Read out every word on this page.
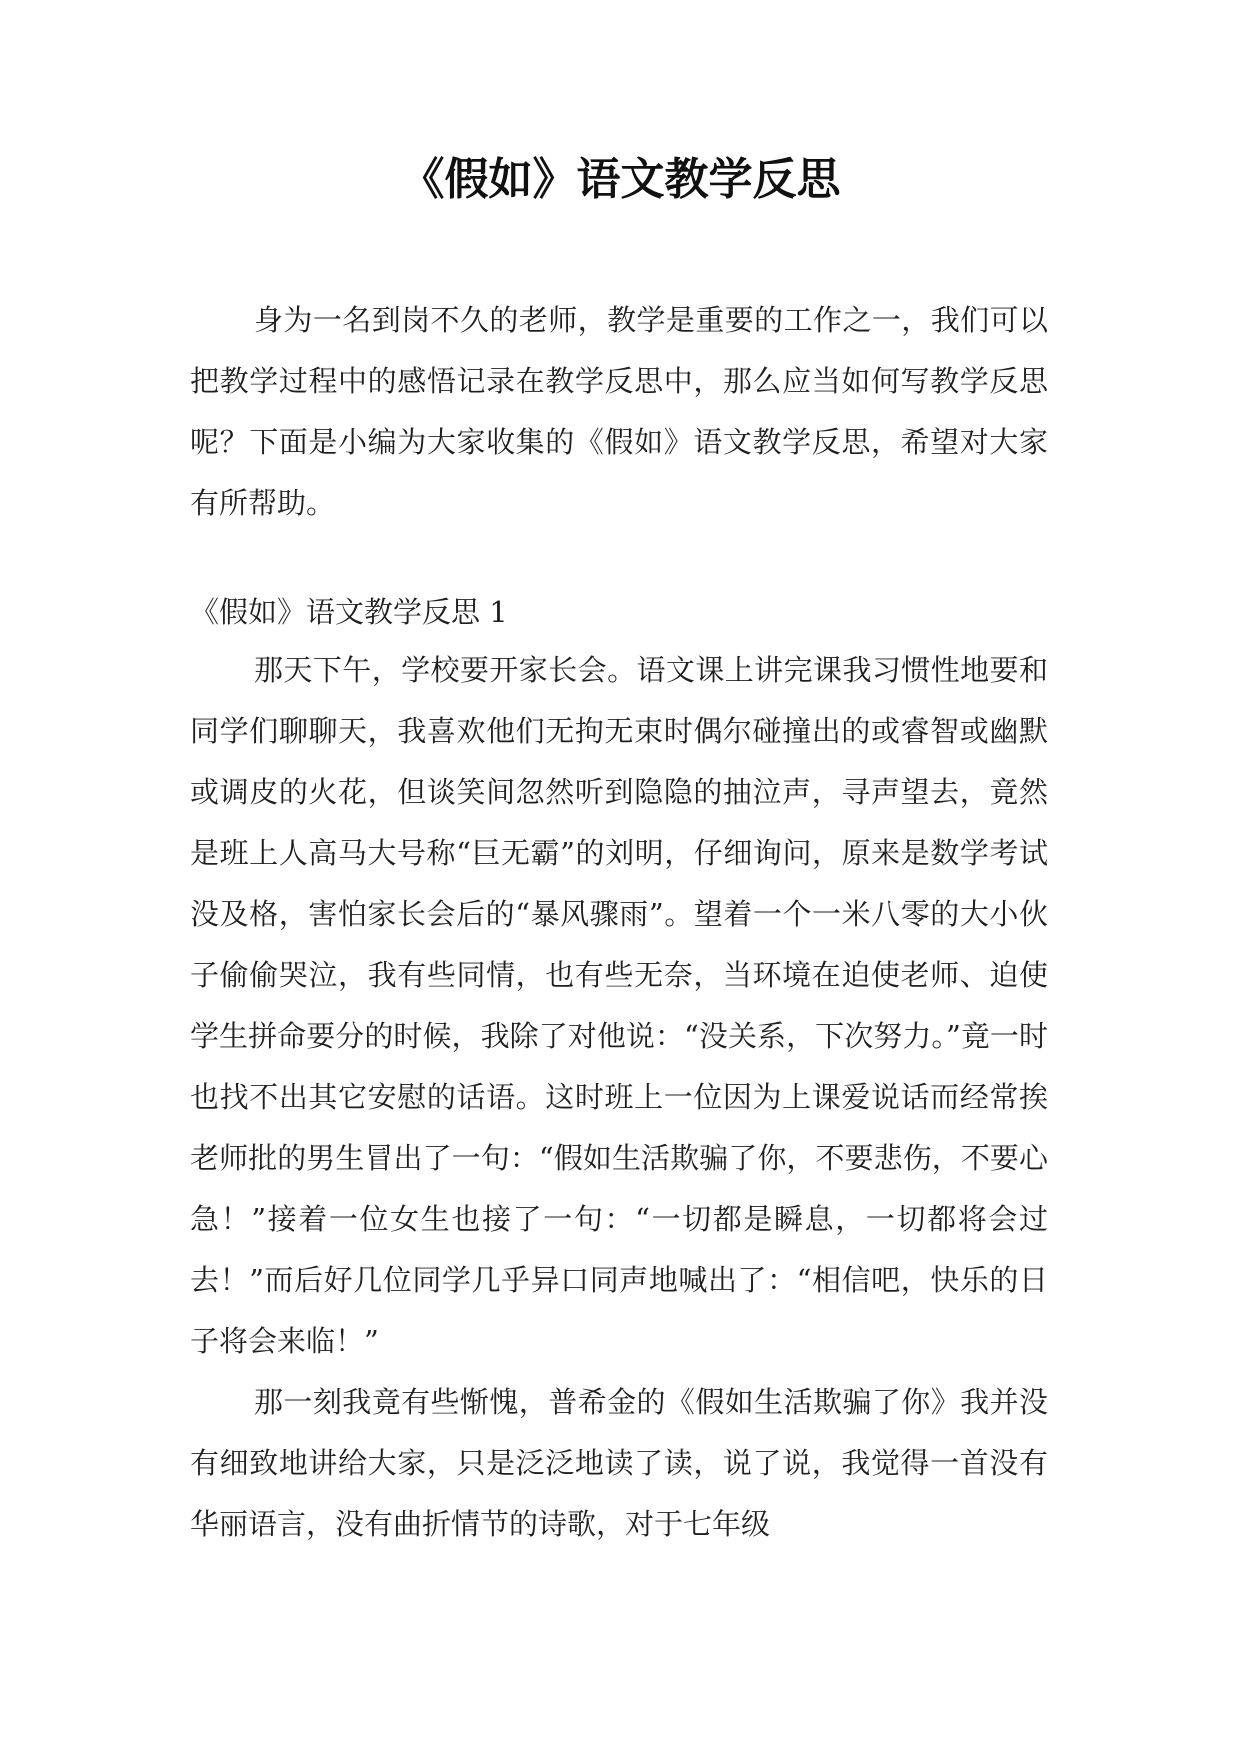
《假如》语文教学反思

身为一名到岗不久的老师，教学是重要的工作之一，我们可以把教学过程中的感悟记录在教学反思中，那么应当如何写教学反思呢？下面是小编为大家收集的《假如》语文教学反思，希望对大家有所帮助。

《假如》语文教学反思 1

那天下午，学校要开家长会。语文课上讲完课我习惯性地要和同学们聊聊天，我喜欢他们无拘无束时偶尔碰撞出的或睿智或幽默或调皮的火花，但谈笑间忽然听到隐隐的抽泣声，寻声望去，竟然是班上人高马大号称“巨无霸”的刘明，仔细询问，原来是数学考试没及格，害怕家长会后的“暴风骤雨”。望着一个一米八零的大小伙子偷偷哭泣，我有些同情，也有些无奈，当环境在迫使老师、迫使学生拼命要分的时候，我除了对他说：“没关系，下次努力。”竟一时也找不出其它安慰的话语。这时班上一位因为上课爱说话而经常挨老师批的男生冒出了一句：“假如生活欺骗了你，不要悲伤，不要心急！”接着一位女生也接了一句：“一切都是瞬息，一切都将会过去！”而后好几位同学几乎异口同声地喊出了：“相信吧，快乐的日子将会来临！”

那一刻我竟有些惭愧，普希金的《假如生活欺骗了你》我并没有细致地讲给大家，只是泛泛地读了读，说了说，我觉得一首没有华丽语言，没有曲折情节的诗歌，对于七年级
